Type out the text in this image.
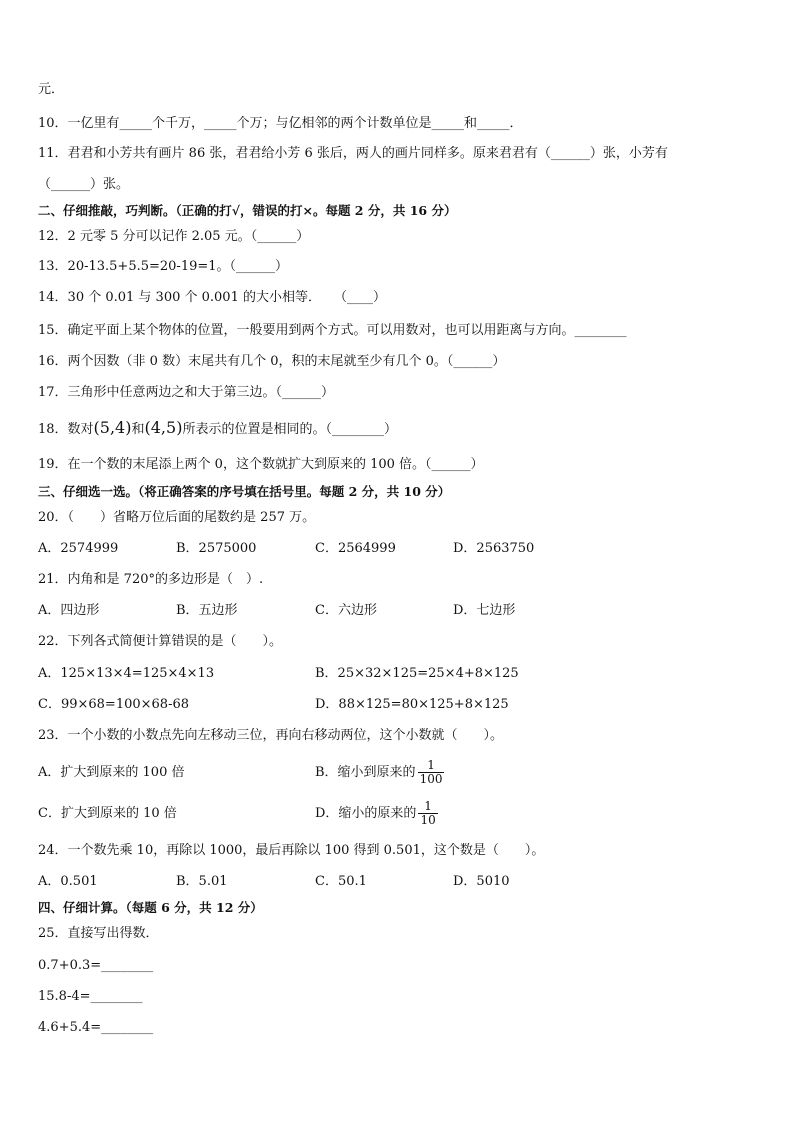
元．
10．一亿里有_____个千万，_____个万；与亿相邻的两个计数单位是_____和_____．
11．君君和小芳共有画片 86 张，君君给小芳 6 张后，两人的画片同样多。原来君君有（______）张，小芳有
（______）张。
二、仔细推敲，巧判断。（正确的打√，错误的打×。每题 2 分，共 16 分）
12．2 元零 5 分可以记作 2.05 元。（______）
13．20-13.5+5.5=20-19=1。（______）
14．30 个 0.01 与 300 个 0.001 的大小相等．　　（____）
15．确定平面上某个物体的位置，一般要用到两个方式。可以用数对，也可以用距离与方向。________
16．两个因数（非 0 数）末尾共有几个 0，积的末尾就至少有几个 0。（______）
17．三角形中任意两边之和大于第三边。（______）
18．数对(5,4)和(4,5)所表示的位置是相同的。（________）
19．在一个数的末尾添上两个 0，这个数就扩大到原来的 100 倍。（______）
三、仔细选一选。（将正确答案的序号填在括号里。每题 2 分，共 10 分）
20．（　　）省略万位后面的尾数约是 257 万。
A．2574999	B．2575000	C．2564999	D．2563750
21．内角和是 720°的多边形是（　）.
A．四边形	B．五边形	C．六边形	D．七边形
22．下列各式简便计算错误的是（　　）。
A．125×13×4=125×4×13	B．25×32×125=25×4+8×125
C．99×68=100×68-68	D．88×125=80×125+8×125
23．一个小数的小数点先向左移动三位，再向右移动两位，这个小数就（　　）。
A．扩大到原来的 100 倍	B．缩小到原来的 $\frac{1}{100}$
C．扩大到原来的 10 倍	D．缩小的原来的 $\frac{1}{10}$
24．一个数先乘 10，再除以 1000，最后再除以 100 得到 0.501，这个数是（　　）。
A．0.501	B．5.01	C．50.1	D．5010
四、仔细计算。（每题 6 分，共 12 分）
25．直接写出得数．
0.7+0.3=________
15.8-4=________
4.6+5.4=________
